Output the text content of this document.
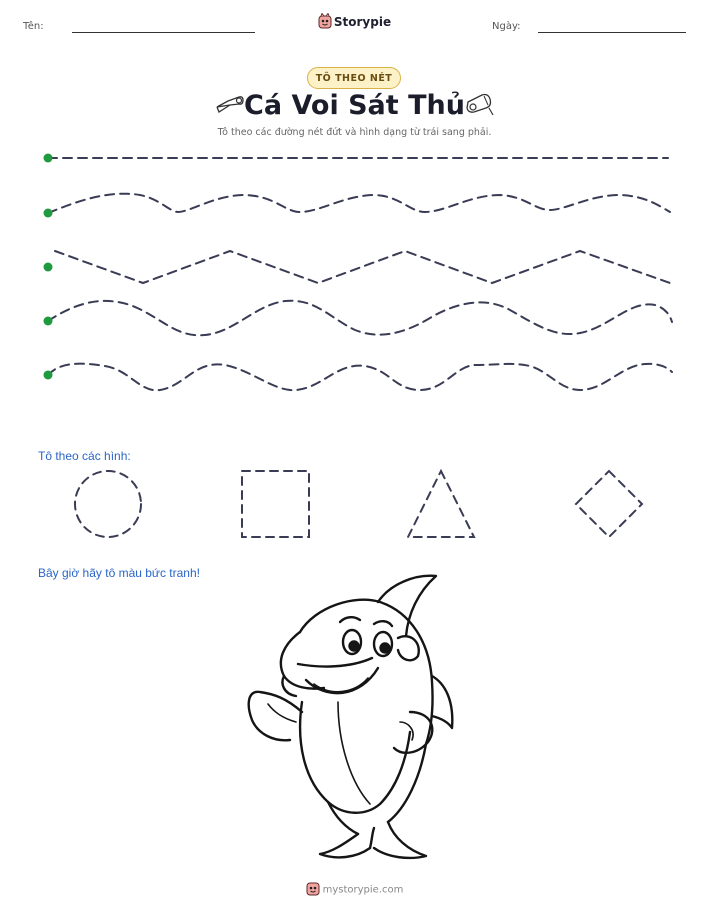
Tên:	Ngày:
Storypie
TÔ THEO NÉT
Cá Voi Sát Thủ
Tô theo các đường nét đứt và hình dạng từ trái sang phải.
Tô theo các hình:
Bây giờ hãy tô màu bức tranh!
mystorypie.com
